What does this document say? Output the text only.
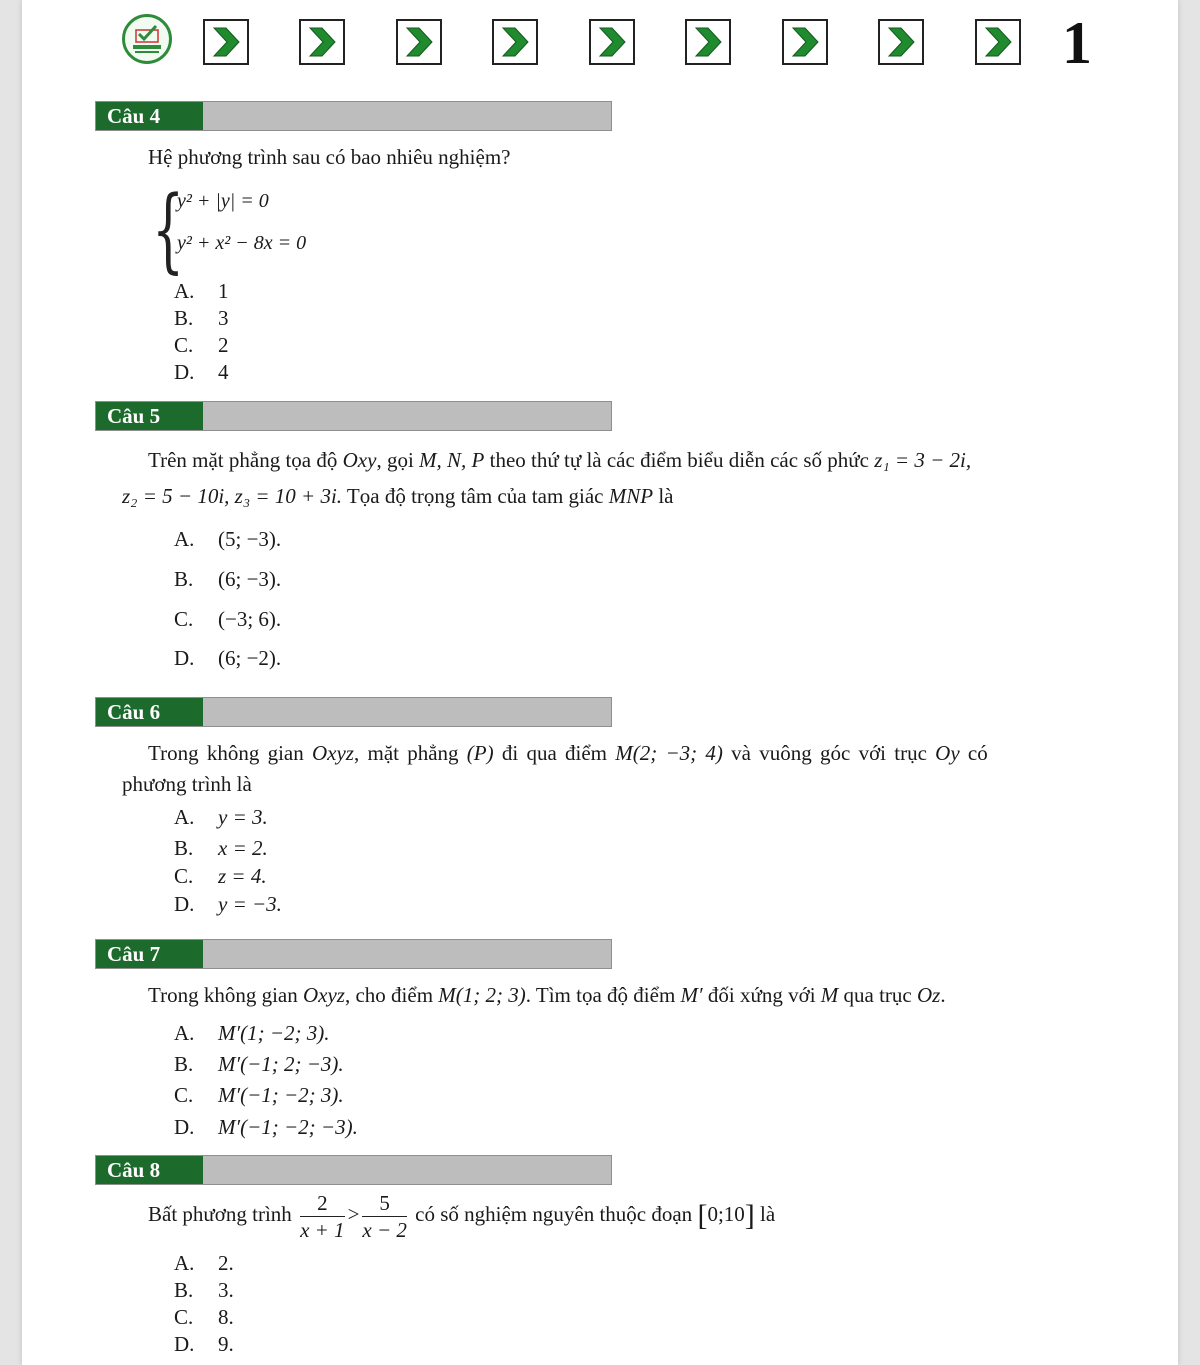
1
Câu 4
Hệ phương trình sau có bao nhiêu nghiệm?
{
y² + |y| = 0
y² + x² − 8x = 0
A. 1
B. 3
C. 2
D. 4
Câu 5
Trên mặt phẳng tọa độ Oxy, gọi M, N, P theo thứ tự là các điểm biểu diễn các số phức z₁ = 3 − 2i,
z₂ = 5 − 10i, z₃ = 10 + 3i. Tọa độ trọng tâm của tam giác MNP là
A. (5; −3).
B. (6; −3).
C. (−3; 6).
D. (6; −2).
Câu 6
Trong không gian Oxyz, mặt phẳng (P) đi qua điểm M(2; −3; 4) và vuông góc với trục Oy có
phương trình là
A. y = 3.
B. x = 2.
C. z = 4.
D. y = −3.
Câu 7
Trong không gian Oxyz, cho điểm M(1; 2; 3). Tìm tọa độ điểm M′ đối xứng với M qua trục Oz.
A. M′(1; −2; 3).
B. M′(−1; 2; −3).
C. M′(−1; −2; 3).
D. M′(−1; −2; −3).
Câu 8
Bất phương trình $\frac{2}{x + 1} > \frac{5}{x - 2}$ có số nghiệm nguyên thuộc đoạn [0;10] là
A. 2.
B. 3.
C. 8.
D. 9.
